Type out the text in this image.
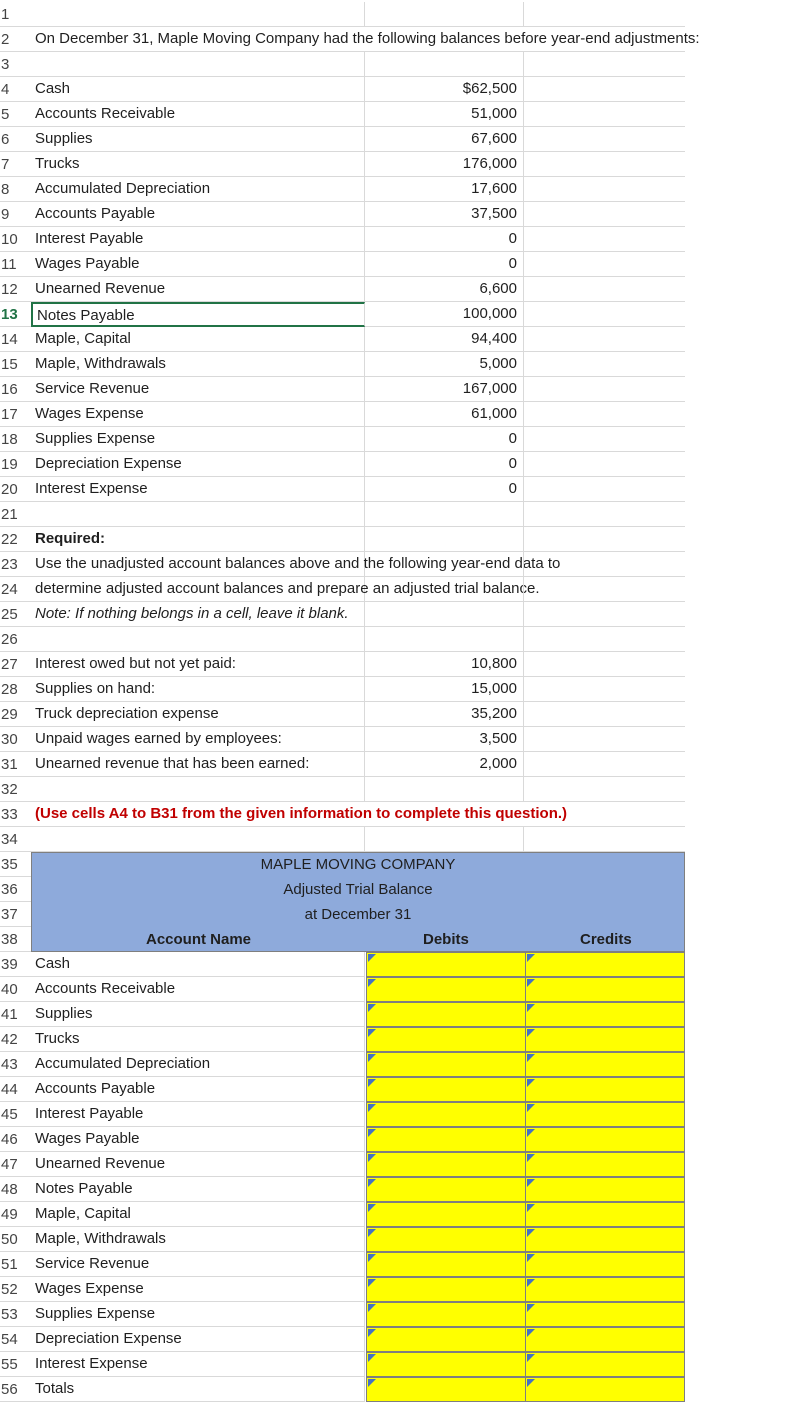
1
2	On December 31, Maple Moving Company had the following balances before year-end adjustments:
3
4	Cash	$62,500
5	Accounts Receivable	51,000
6	Supplies	67,600
7	Trucks	176,000
8	Accumulated Depreciation	17,600
9	Accounts Payable	37,500
10	Interest Payable	0
11	Wages Payable	0
12	Unearned Revenue	6,600
13	Notes Payable	100,000
14	Maple, Capital	94,400
15	Maple, Withdrawals	5,000
16	Service Revenue	167,000
17	Wages Expense	61,000
18	Supplies Expense	0
19	Depreciation Expense	0
20	Interest Expense	0
21
22	Required:
23	Use the unadjusted account balances above and the following year-end data to
24	determine adjusted account balances and prepare an adjusted trial balance.
25	Note: If nothing belongs in a cell, leave it blank.
26
27	Interest owed but not yet paid:	10,800
28	Supplies on hand:	15,000
29	Truck depreciation expense	35,200
30	Unpaid wages earned by employees:	3,500
31	Unearned revenue that has been earned:	2,000
32
33	(Use cells A4 to B31 from the given information to complete this question.)
34
35
36
37
38
39
40
41
42
43
44
45
46
47
48
49
50
51
52
53
54
55
56
MAPLE MOVING COMPANY
Adjusted Trial Balance
at December 31
Account Name	Debits	Credits
Cash
Accounts Receivable
Supplies
Trucks
Accumulated Depreciation
Accounts Payable
Interest Payable
Wages Payable
Unearned Revenue
Notes Payable
Maple, Capital
Maple, Withdrawals
Service Revenue
Wages Expense
Supplies Expense
Depreciation Expense
Interest Expense
Totals
